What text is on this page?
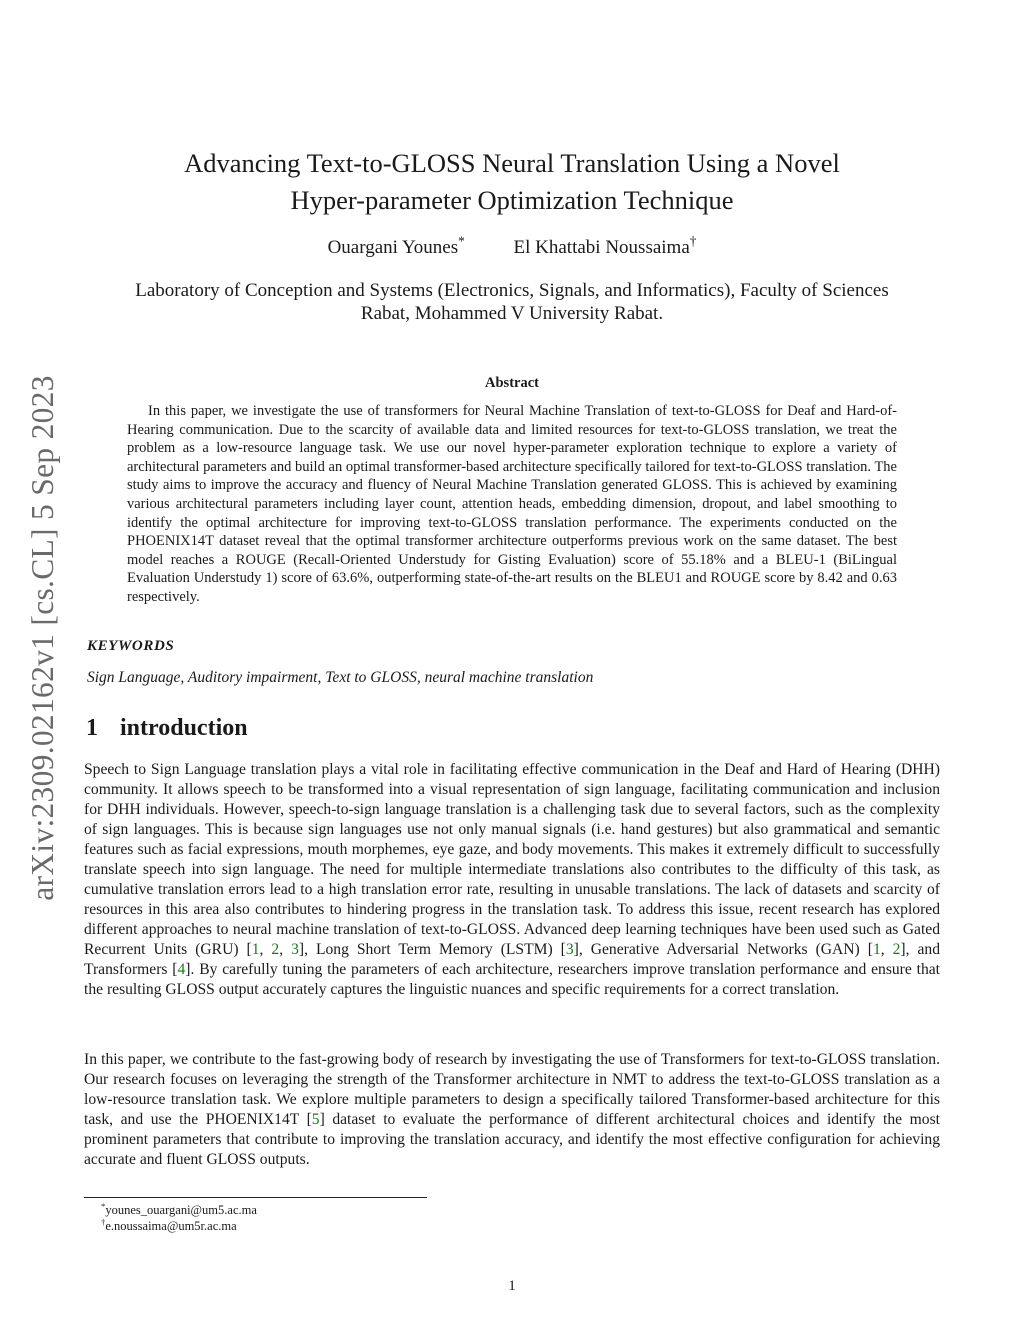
arXiv:2309.02162v1 [cs.CL] 5 Sep 2023
Advancing Text-to-GLOSS Neural Translation Using a Novel
Hyper-parameter Optimization Technique
Ouargani Younes*	El Khattabi Noussaima†
Laboratory of Conception and Systems (Electronics, Signals, and Informatics), Faculty of Sciences
Rabat, Mohammed V University Rabat.
Abstract

In this paper, we investigate the use of transformers for Neural Machine Translation of text-to-GLOSS for Deaf and Hard-of-Hearing communication. Due to the scarcity of available data and limited resources for text-to-GLOSS translation, we treat the problem as a low-resource language task. We use our novel hyper-parameter exploration technique to explore a variety of architectural parameters and build an optimal transformer-based architecture specifically tailored for text-to-GLOSS translation. The study aims to improve the accuracy and fluency of Neural Machine Translation generated GLOSS. This is achieved by examining various architectural parameters including layer count, attention heads, embedding dimension, dropout, and label smoothing to identify the optimal architecture for improving text-to-GLOSS translation performance. The experiments conducted on the PHOENIX14T dataset reveal that the optimal transformer architecture outperforms previous work on the same dataset. The best model reaches a ROUGE (Recall-Oriented Understudy for Gisting Evaluation) score of 55.18% and a BLEU-1 (BiLingual Evaluation Understudy 1) score of 63.6%, outperforming state-of-the-art results on the BLEU1 and ROUGE score by 8.42 and 0.63 respectively.

KEYWORDS
Sign Language, Auditory impairment, Text to GLOSS, neural machine translation
1 introduction

Speech to Sign Language translation plays a vital role in facilitating effective communication in the Deaf and Hard of Hearing (DHH) community. It allows speech to be transformed into a visual representation of sign language, facilitating communication and inclusion for DHH individuals. However, speech-to-sign language translation is a challenging task due to several factors, such as the complexity of sign languages. This is because sign languages use not only manual signals (i.e. hand gestures) but also grammatical and semantic features such as facial expressions, mouth morphemes, eye gaze, and body movements. This makes it extremely difficult to successfully translate speech into sign language. The need for multiple intermediate translations also contributes to the difficulty of this task, as cumulative translation errors lead to a high translation error rate, resulting in unusable translations. The lack of datasets and scarcity of resources in this area also contributes to hindering progress in the translation task. To address this issue, recent research has explored different approaches to neural machine translation of text-to-GLOSS. Advanced deep learning techniques have been used such as Gated Recurrent Units (GRU) [1, 2, 3], Long Short Term Memory (LSTM) [3], Generative Adversarial Networks (GAN) [1, 2], and Transformers [4]. By carefully tuning the parameters of each architecture, researchers improve translation performance and ensure that the resulting GLOSS output accurately captures the linguistic nuances and specific requirements for a correct translation.

In this paper, we contribute to the fast-growing body of research by investigating the use of Transformers for text-to-GLOSS translation. Our research focuses on leveraging the strength of the Transformer architecture in NMT to address the text-to-GLOSS translation as a low-resource translation task. We explore multiple parameters to design a specifically tailored Transformer-based architecture for this task, and use the PHOENIX14T [5] dataset to evaluate the performance of different architectural choices and identify the most prominent parameters that contribute to improving the translation accuracy, and identify the most effective configuration for achieving accurate and fluent GLOSS outputs.

*younes_ouargani@um5.ac.ma
†e.noussaima@um5r.ac.ma
1
